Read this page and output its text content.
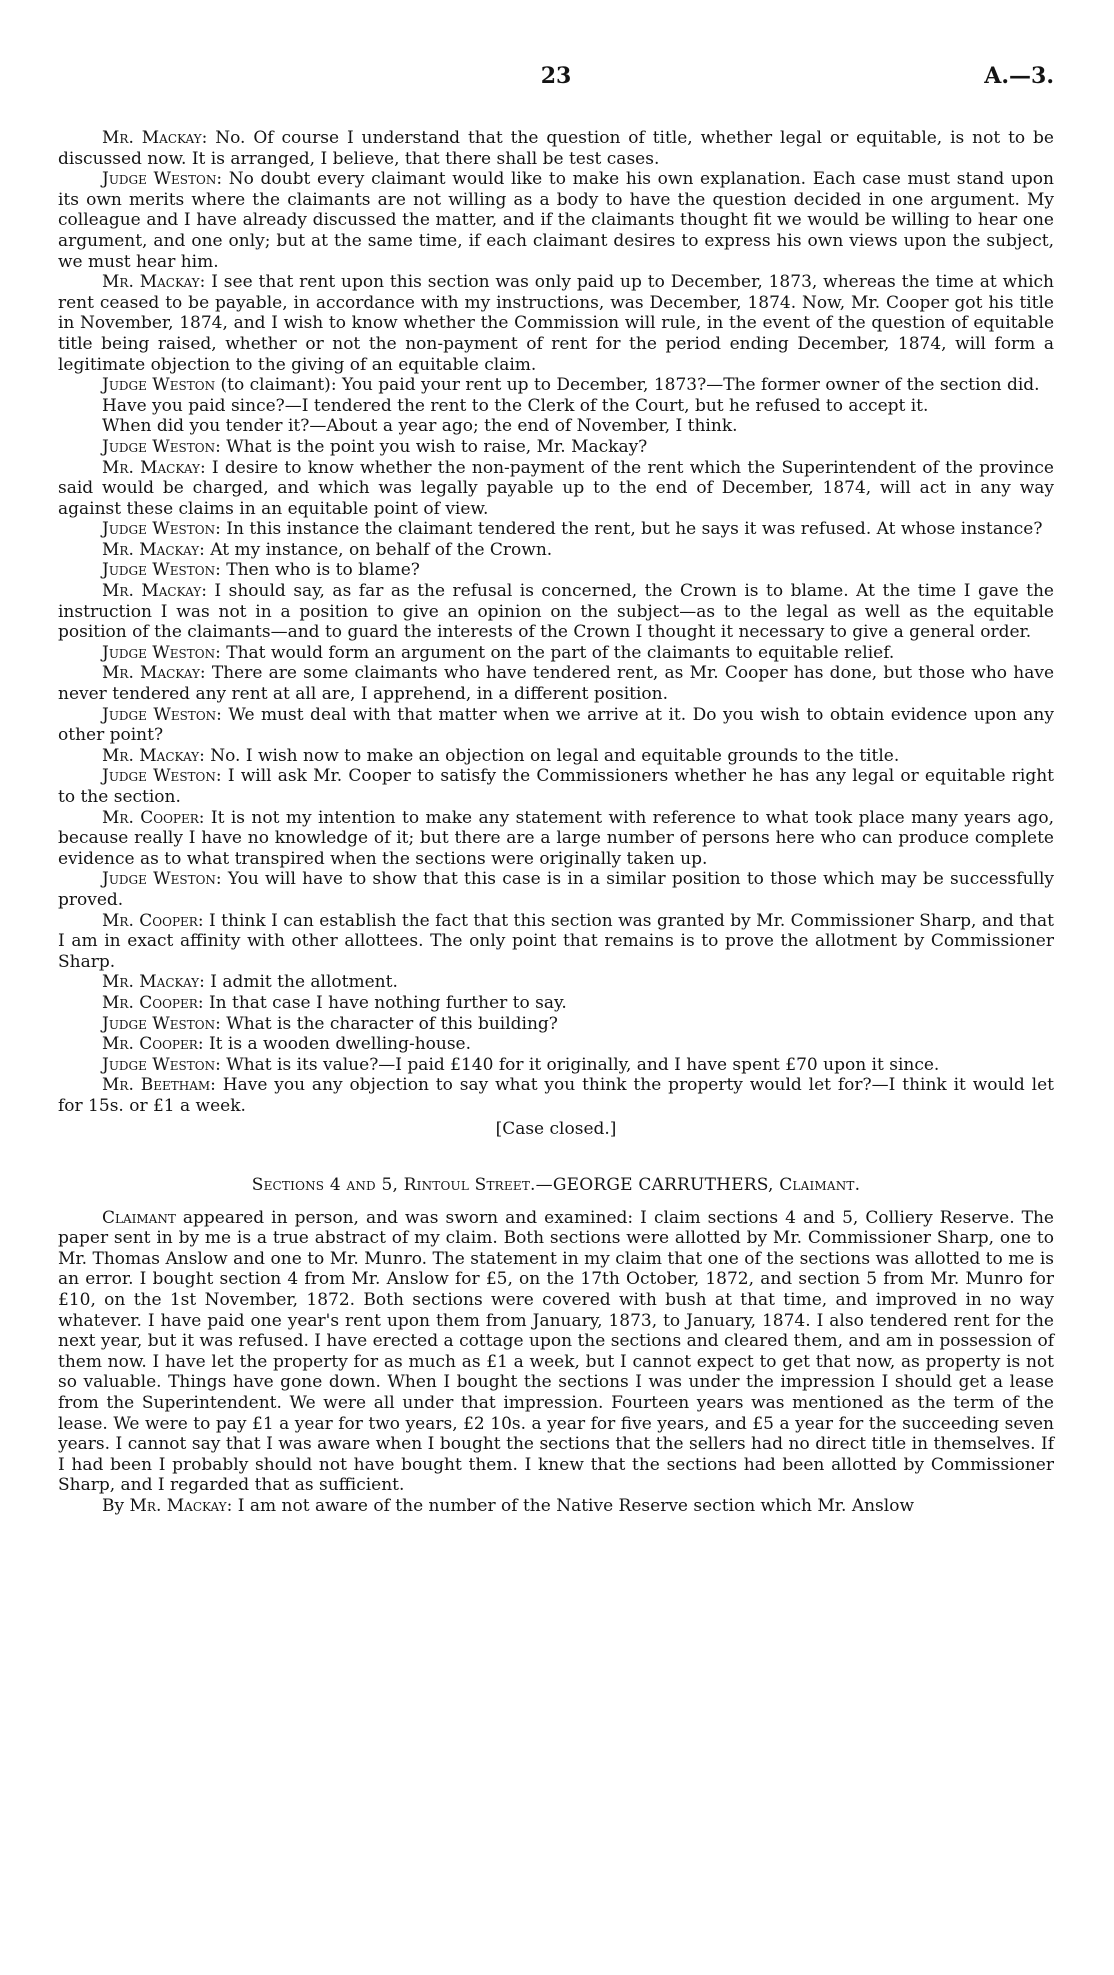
23	A.—3.

Mr. Mackay: No. Of course I understand that the question of title, whether legal or equitable, is not to be discussed now. It is arranged, I believe, that there shall be test cases.

Judge Weston: No doubt every claimant would like to make his own explanation. Each case must stand upon its own merits where the claimants are not willing as a body to have the question decided in one argument. My colleague and I have already discussed the matter, and if the claimants thought fit we would be willing to hear one argument, and one only; but at the same time, if each claimant desires to express his own views upon the subject, we must hear him.

Mr. Mackay: I see that rent upon this section was only paid up to December, 1873, whereas the time at which rent ceased to be payable, in accordance with my instructions, was December, 1874. Now, Mr. Cooper got his title in November, 1874, and I wish to know whether the Commission will rule, in the event of the question of equitable title being raised, whether or not the non-payment of rent for the period ending December, 1874, will form a legitimate objection to the giving of an equitable claim.

Judge Weston (to claimant): You paid your rent up to December, 1873?—The former owner of the section did.

Have you paid since?—I tendered the rent to the Clerk of the Court, but he refused to accept it.

When did you tender it?—About a year ago; the end of November, I think.

Judge Weston: What is the point you wish to raise, Mr. Mackay?

Mr. Mackay: I desire to know whether the non-payment of the rent which the Superintendent of the province said would be charged, and which was legally payable up to the end of December, 1874, will act in any way against these claims in an equitable point of view.

Judge Weston: In this instance the claimant tendered the rent, but he says it was refused. At whose instance?

Mr. Mackay: At my instance, on behalf of the Crown.

Judge Weston: Then who is to blame?

Mr. Mackay: I should say, as far as the refusal is concerned, the Crown is to blame. At the time I gave the instruction I was not in a position to give an opinion on the subject—as to the legal as well as the equitable position of the claimants—and to guard the interests of the Crown I thought it necessary to give a general order.

Judge Weston: That would form an argument on the part of the claimants to equitable relief.

Mr. Mackay: There are some claimants who have tendered rent, as Mr. Cooper has done, but those who have never tendered any rent at all are, I apprehend, in a different position.

Judge Weston: We must deal with that matter when we arrive at it. Do you wish to obtain evidence upon any other point?

Mr. Mackay: No. I wish now to make an objection on legal and equitable grounds to the title.

Judge Weston: I will ask Mr. Cooper to satisfy the Commissioners whether he has any legal or equitable right to the section.

Mr. Cooper: It is not my intention to make any statement with reference to what took place many years ago, because really I have no knowledge of it; but there are a large number of persons here who can produce complete evidence as to what transpired when the sections were originally taken up.

Judge Weston: You will have to show that this case is in a similar position to those which may be successfully proved.

Mr. Cooper: I think I can establish the fact that this section was granted by Mr. Commissioner Sharp, and that I am in exact affinity with other allottees. The only point that remains is to prove the allotment by Commissioner Sharp.

Mr. Mackay: I admit the allotment.

Mr. Cooper: In that case I have nothing further to say.

Judge Weston: What is the character of this building?

Mr. Cooper: It is a wooden dwelling-house.

Judge Weston: What is its value?—I paid £140 for it originally, and I have spent £70 upon it since.

Mr. Beetham: Have you any objection to say what you think the property would let for?—I think it would let for 15s. or £1 a week.

[Case closed.]

Sections 4 and 5, Rintoul Street.—GEORGE CARRUTHERS, Claimant.

Claimant appeared in person, and was sworn and examined: I claim sections 4 and 5, Colliery Reserve. The paper sent in by me is a true abstract of my claim. Both sections were allotted by Mr. Commissioner Sharp, one to Mr. Thomas Anslow and one to Mr. Munro. The statement in my claim that one of the sections was allotted to me is an error. I bought section 4 from Mr. Anslow for £5, on the 17th October, 1872, and section 5 from Mr. Munro for £10, on the 1st November, 1872. Both sections were covered with bush at that time, and improved in no way whatever. I have paid one year's rent upon them from January, 1873, to January, 1874. I also tendered rent for the next year, but it was refused. I have erected a cottage upon the sections and cleared them, and am in possession of them now. I have let the property for as much as £1 a week, but I cannot expect to get that now, as property is not so valuable. Things have gone down. When I bought the sections I was under the impression I should get a lease from the Superintendent. We were all under that impression. Fourteen years was mentioned as the term of the lease. We were to pay £1 a year for two years, £2 10s. a year for five years, and £5 a year for the succeeding seven years. I cannot say that I was aware when I bought the sections that the sellers had no direct title in themselves. If I had been I probably should not have bought them. I knew that the sections had been allotted by Commissioner Sharp, and I regarded that as sufficient.

By Mr. Mackay: I am not aware of the number of the Native Reserve section which Mr. Anslow
